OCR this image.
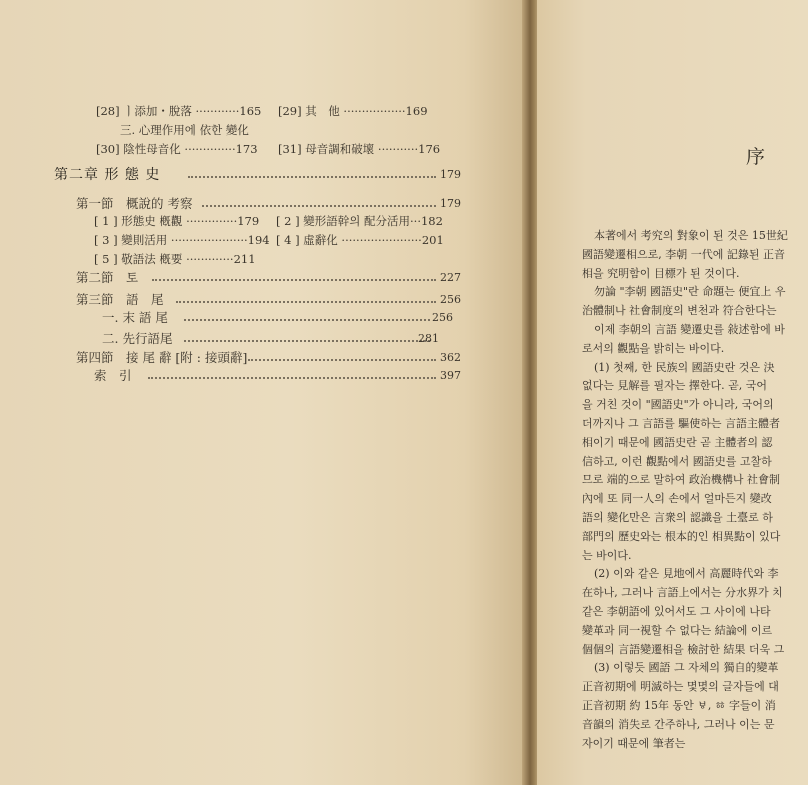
[28] ㅣ添加・脫落 ············165 [29] 其　他 ·················169
三. 心理作用에 依한 變化
[30] 陰性母音化 ··············173 [31] 母音調和破壞 ···········176
第二章 形 態 史	179
第一節　概說的 考察	179
[ 1 ] 形態史 槪觀 ··············179 [ 2 ] 變形語幹의 配分活用···182
[ 3 ] 變則活用 ·····················194 [ 4 ] 虛辭化 ······················201
[ 5 ] 敬語法 槪要 ·············211
第二節　토	227
第三節　語　尾	256
一. 末 語 尾	256
二. 先行語尾	281
第四節　接 尾 辭 [附 : 接頭辭]	362
索　引	397
序
本著에서 考究의 對象이 된 것은 15世紀
國語變遷相으로, 李朝 一代에 記錄된 正音
相을 究明함이 目標가 된 것이다.
勿論 "李朝 國語史"란 命題는 便宜上 우
治體制나 社會制度의 변천과 符合한다는
이제 李朝의 言語 變遷史를 敍述함에 바
로서의 觀點을 밝히는 바이다.
(1) 첫째, 한 民族의 國語史란 것은 決
없다는 見解를 필자는 擇한다. 곧, 국어
을 거친 것이 "國語史"가 아니라, 국어의
더까지나 그 言語를 驅使하는 言語主體者
相이기 때문에 國語史란 곧 主體者의 認
信하고, 이런 觀點에서 國語史를 고찰하
므로 端的으로 말하여 政治機構나 社會制
內에 또 同一人의 손에서 얼마든지 變改
語의 變化만은 言衆의 認識을 土臺로 하
部門의 歷史와는 根本的인 相異點이 있다
는 바이다.
(2) 이와 같은 見地에서 高麗時代와 李
在하나, 그러나 言語上에서는 分水界가 치
같은 李朝語에 있어서도 그 사이에 나타
變革과 同一視할 수 없다는 結論에 이르
個個의 言語變遷相을 檢討한 結果 더욱 그
(3) 이렇듯 國語 그 자체의 獨自的變革
正音初期에 明滅하는 몇몇의 글자들에 대
正音初期 約 15年 동안 ㅸ, ㆅ 字들이 消
音韻의 消失로 간주하나, 그러나 이는 문
자이기 때문에 筆者는
